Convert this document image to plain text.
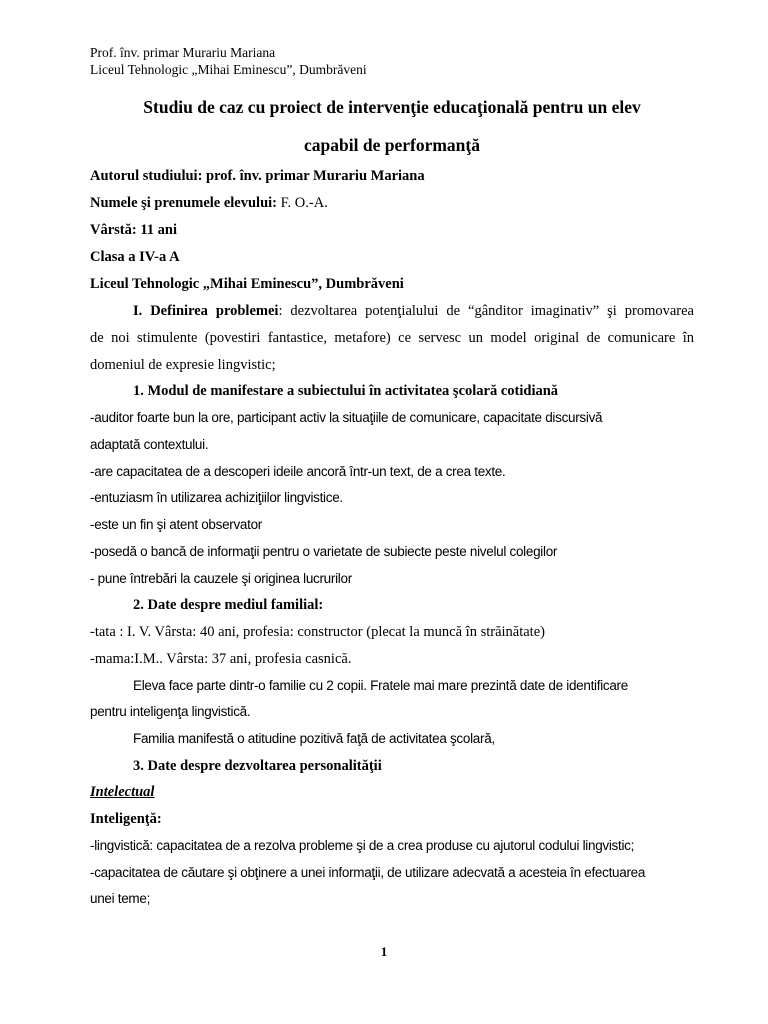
Prof. înv. primar Murariu Mariana
Liceul Tehnologic „Mihai Eminescu”, Dumbrăveni
Studiu de caz cu proiect de intervenţie educaţională pentru un elev
capabil de performanţă
Autorul studiului: prof. înv. primar Murariu Mariana
Numele şi prenumele elevului: F. O.-A.
Vârstă: 11 ani
Clasa a IV-a A
Liceul Tehnologic „Mihai Eminescu”, Dumbrăveni
I. Definirea problemei: dezvoltarea potenţialului de “gânditor imaginativ” şi promovarea
de noi stimulente (povestiri fantastice, metafore) ce servesc un model original de comunicare în
domeniul de expresie lingvistic;
1. Modul de manifestare a subiectului în activitatea şcolară cotidiană
-auditor foarte bun la ore, participant activ la situaţiile de comunicare, capacitate discursivă
adaptată contextului.
-are capacitatea de a descoperi ideile ancoră într-un text, de a crea texte.
-entuziasm în utilizarea achiziţiilor lingvistice.
-este un fin şi atent observator
-posedă o bancă de informaţii pentru o varietate de subiecte peste nivelul colegilor
- pune întrebări la cauzele şi originea lucrurilor
2. Date despre mediul familial:
-tata : I. V. Vârsta: 40 ani, profesia: constructor (plecat la muncă în străinătate)
-mama:I.M.. Vârsta: 37 ani, profesia casnică.
Eleva face parte dintr-o familie cu 2 copii. Fratele mai mare prezintă date de identificare
pentru inteligenţa lingvistică.
Familia manifestă o atitudine pozitivă faţă de activitatea şcolară,
3. Date despre dezvoltarea personalităţii
Intelectual
Inteligenţă:
-lingvistică: capacitatea de a rezolva probleme şi de a crea produse cu ajutorul codului lingvistic;
-capacitatea de căutare şi obţinere a unei informaţii, de utilizare adecvată a acesteia în efectuarea
unei teme;
1
